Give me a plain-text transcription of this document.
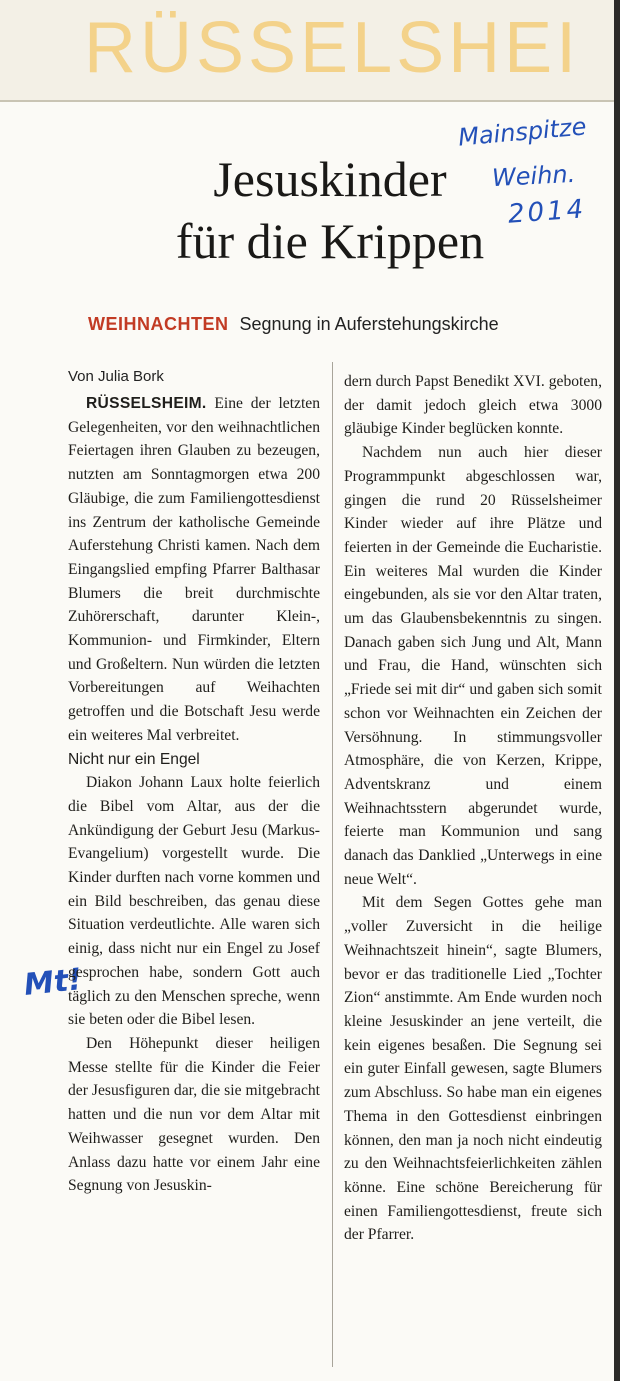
RÜSSELSHEI
Mainspitze
Weihn.
2014
Mt!
Jesuskinder
für die Krippen
WEIHNACHTEN Segnung in Auferstehungskirche
Von Julia Bork

RÜSSELSHEIM. Eine der letzten Gelegenheiten, vor den weihnachtlichen Feiertagen ihren Glauben zu bezeugen, nutzten am Sonntagmorgen etwa 200 Gläubige, die zum Familiengottesdienst ins Zentrum der katholische Gemeinde Auferstehung Christi kamen. Nach dem Eingangslied empfing Pfarrer Balthasar Blumers die breit durchmischte Zuhörerschaft, darunter Klein-, Kommunion- und Firmkinder, Eltern und Großeltern. Nun würden die letzten Vorbereitungen auf Weihachten getroffen und die Botschaft Jesu werde ein weiteres Mal verbreitet.

Nicht nur ein Engel

Diakon Johann Laux holte feierlich die Bibel vom Altar, aus der die Ankündigung der Geburt Jesu (Markus-Evangelium) vorgestellt wurde. Die Kinder durften nach vorne kommen und ein Bild beschreiben, das genau diese Situation verdeutlichte. Alle waren sich einig, dass nicht nur ein Engel zu Josef gesprochen habe, sondern Gott auch täglich zu den Menschen spreche, wenn sie beten oder die Bibel lesen.

Den Höhepunkt dieser heiligen Messe stellte für die Kinder die Feier der Jesusfiguren dar, die sie mitgebracht hatten und die nun vor dem Altar mit Weihwasser gesegnet wurden. Den Anlass dazu hatte vor einem Jahr eine Segnung von Jesuskin-

dern durch Papst Benedikt XVI. geboten, der damit jedoch gleich etwa 3000 gläubige Kinder beglücken konnte.

Nachdem nun auch hier dieser Programmpunkt abgeschlossen war, gingen die rund 20 Rüsselsheimer Kinder wieder auf ihre Plätze und feierten in der Gemeinde die Eucharistie. Ein weiteres Mal wurden die Kinder eingebunden, als sie vor den Altar traten, um das Glaubensbekenntnis zu singen. Danach gaben sich Jung und Alt, Mann und Frau, die Hand, wünschten sich „Friede sei mit dir“ und gaben sich somit schon vor Weihnachten ein Zeichen der Versöhnung. In stimmungsvoller Atmosphäre, die von Kerzen, Krippe, Adventskranz und einem Weihnachtsstern abgerundet wurde, feierte man Kommunion und sang danach das Danklied „Unterwegs in eine neue Welt“.

Mit dem Segen Gottes gehe man „voller Zuversicht in die heilige Weihnachtszeit hinein“, sagte Blumers, bevor er das traditionelle Lied „Tochter Zion“ anstimmte. Am Ende wurden noch kleine Jesuskinder an jene verteilt, die kein eigenes besaßen. Die Segnung sei ein guter Einfall gewesen, sagte Blumers zum Abschluss. So habe man ein eigenes Thema in den Gottesdienst einbringen können, den man ja noch nicht eindeutig zu den Weihnachtsfeierlichkeiten zählen könne. Eine schöne Bereicherung für einen Familiengottesdienst, freute sich der Pfarrer.
